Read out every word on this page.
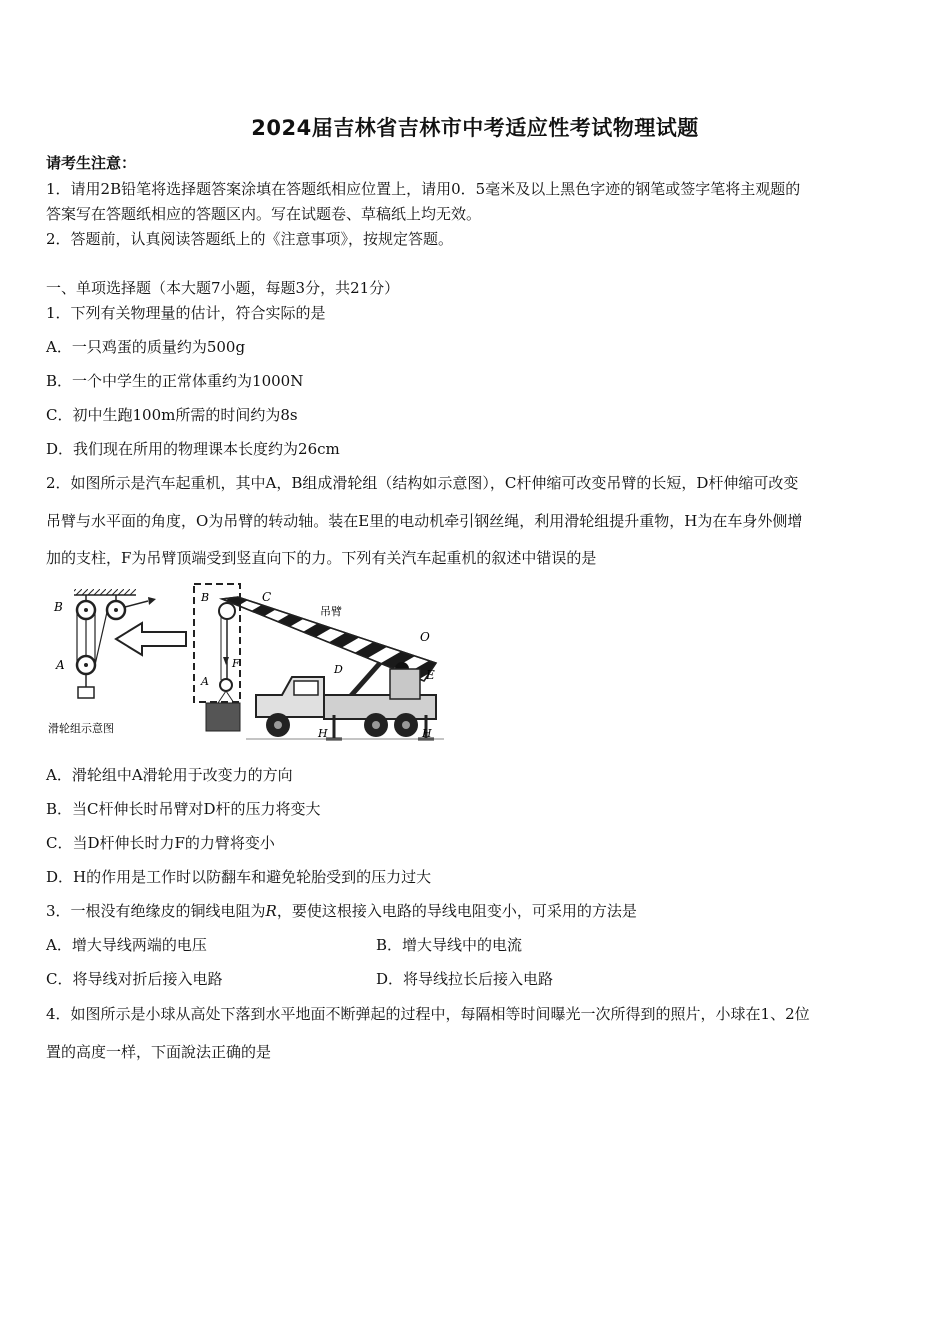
2024届吉林省吉林市中考适应性考试物理试题
请考生注意：
1．请用2B铅笔将选择题答案涂填在答题纸相应位置上，请用0．5毫米及以上黑色字迹的钢笔或签字笔将主观题的
答案写在答题纸相应的答题区内。写在试题卷、草稿纸上均无效。
2．答题前，认真阅读答题纸上的《注意事项》，按规定答题。
一、单项选择题（本大题7小题，每题3分，共21分）
1．下列有关物理量的估计，符合实际的是
A．一只鸡蛋的质量约为500g
B．一个中学生的正常体重约为1000N
C．初中生跑100m所需的时间约为8s
D．我们现在所用的物理课本长度约为26cm
2．如图所示是汽车起重机，其中A，B组成滑轮组（结构如示意图），C杆伸缩可改变吊臂的长短，D杆伸缩可改变
吊臂与水平面的角度，O为吊臂的转动轴。装在E里的电动机牵引钢丝绳，利用滑轮组提升重物，H为在车身外侧增
加的支柱，F为吊臂顶端受到竖直向下的力。下列有关汽车起重机的叙述中错误的是
B
A
滑轮组示意图
B	C
吊臂
F
A
O
D	E
H	H
A．滑轮组中A滑轮用于改变力的方向
B．当C杆伸长时吊臂对D杆的压力将变大
C．当D杆伸长时力F的力臂将变小
D．H的作用是工作时以防翻车和避免轮胎受到的压力过大
3．一根没有绝缘皮的铜线电阻为R，要使这根接入电路的导线电阻变小，可采用的方法是
A．增大导线两端的电压	B．增大导线中的电流
C．将导线对折后接入电路	D．将导线拉长后接入电路
4．如图所示是小球从高处下落到水平地面不断弹起的过程中，每隔相等时间曝光一次所得到的照片，小球在1、2位
置的高度一样，下面說法正确的是
